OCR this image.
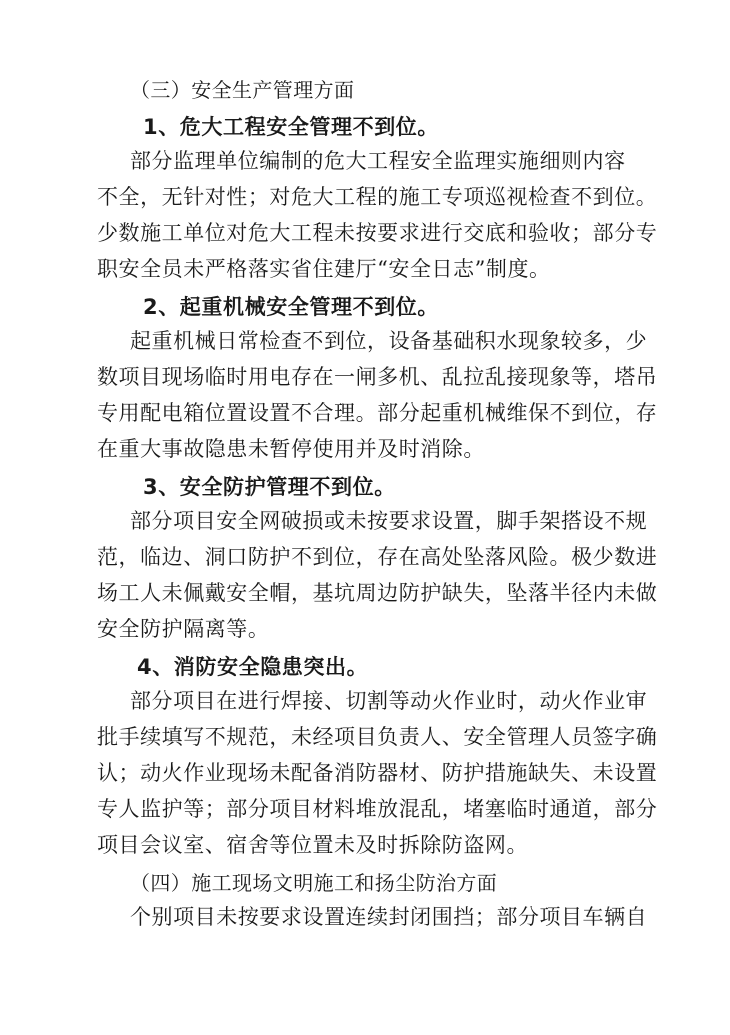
（三）安全生产管理方面
1、危大工程安全管理不到位。
部分监理单位编制的危大工程安全监理实施细则内容
不全，无针对性；对危大工程的施工专项巡视检查不到位。
少数施工单位对危大工程未按要求进行交底和验收；部分专
职安全员未严格落实省住建厅“安全日志”制度。
2、起重机械安全管理不到位。
起重机械日常检查不到位，设备基础积水现象较多，少
数项目现场临时用电存在一闸多机、乱拉乱接现象等，塔吊
专用配电箱位置设置不合理。部分起重机械维保不到位，存
在重大事故隐患未暂停使用并及时消除。
3、安全防护管理不到位。
部分项目安全网破损或未按要求设置，脚手架搭设不规
范，临边、洞口防护不到位，存在高处坠落风险。极少数进
场工人未佩戴安全帽，基坑周边防护缺失，坠落半径内未做
安全防护隔离等。
4、消防安全隐患突出。
部分项目在进行焊接、切割等动火作业时，动火作业审
批手续填写不规范，未经项目负责人、安全管理人员签字确
认；动火作业现场未配备消防器材、防护措施缺失、未设置
专人监护等；部分项目材料堆放混乱，堵塞临时通道，部分
项目会议室、宿舍等位置未及时拆除防盗网。
（四）施工现场文明施工和扬尘防治方面
个别项目未按要求设置连续封闭围挡；部分项目车辆自
